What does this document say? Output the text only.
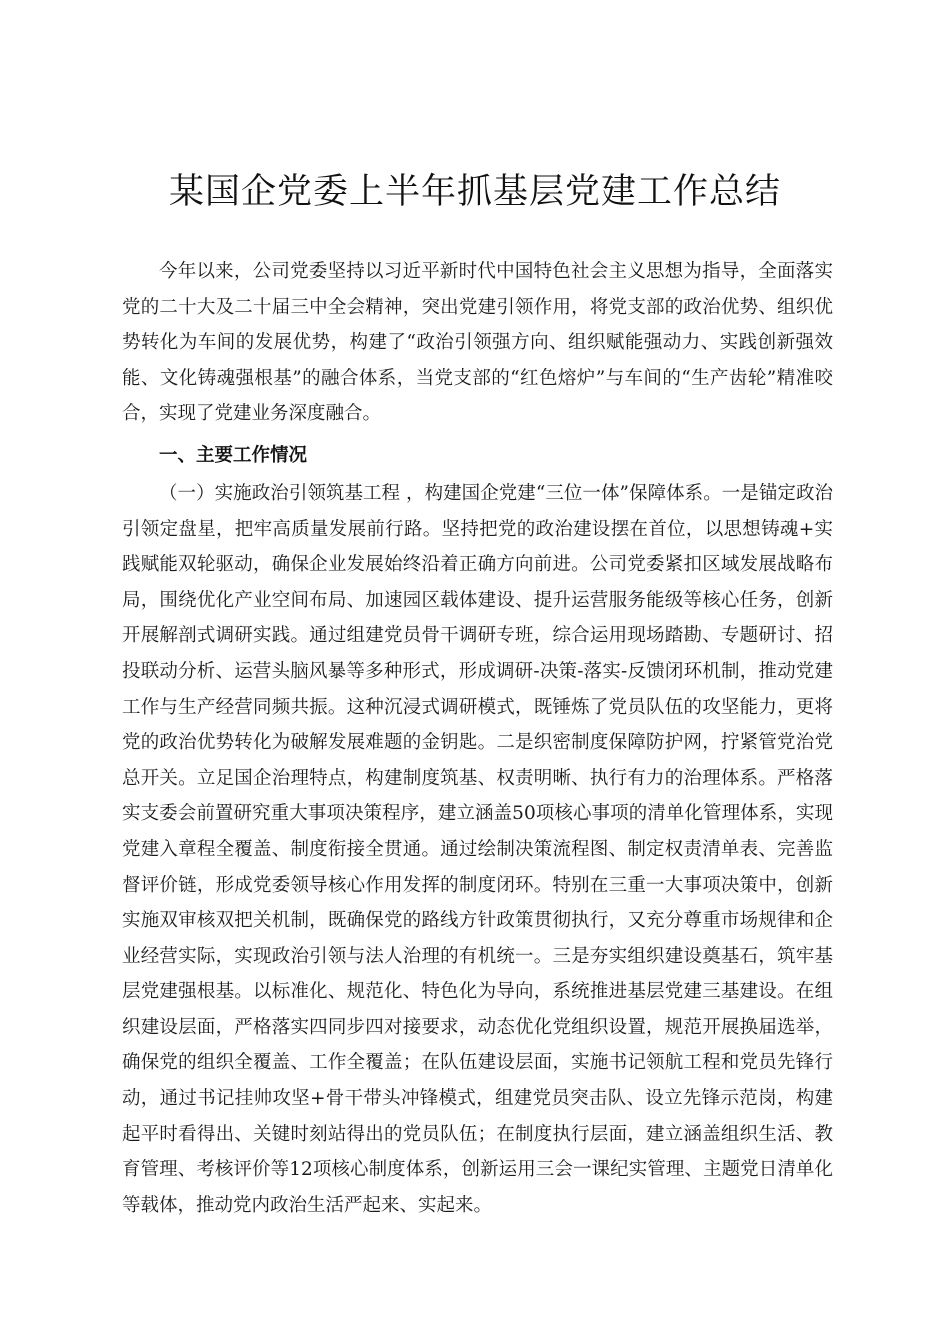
某国企党委上半年抓基层党建工作总结

今年以来，公司党委坚持以习近平新时代中国特色社会主义思想为指导，全面落实党的二十大及二十届三中全会精神，突出党建引领作用，将党支部的政治优势、组织优势转化为车间的发展优势，构建了“政治引领强方向、组织赋能强动力、实践创新强效能、文化铸魂强根基”的融合体系，当党支部的“红色熔炉”与车间的“生产齿轮”精准咬合，实现了党建业务深度融合。

一、主要工作情况

（一）实施政治引领筑基工程 ，构建国企党建“三位一体”保障体系。一是锚定政治引领定盘星，把牢高质量发展前行路。坚持把党的政治建设摆在首位，以思想铸魂+实践赋能双轮驱动，确保企业发展始终沿着正确方向前进。公司党委紧扣区域发展战略布局，围绕优化产业空间布局、加速园区载体建设、提升运营服务能级等核心任务，创新开展解剖式调研实践。通过组建党员骨干调研专班，综合运用现场踏勘、专题研讨、招投联动分析、运营头脑风暴等多种形式，形成调研-决策-落实-反馈闭环机制，推动党建工作与生产经营同频共振。这种沉浸式调研模式，既锤炼了党员队伍的攻坚能力，更将党的政治优势转化为破解发展难题的金钥匙。二是织密制度保障防护网，拧紧管党治党总开关。立足国企治理特点，构建制度筑基、权责明晰、执行有力的治理体系。严格落实支委会前置研究重大事项决策程序，建立涵盖50项核心事项的清单化管理体系，实现党建入章程全覆盖、制度衔接全贯通。通过绘制决策流程图、制定权责清单表、完善监督评价链，形成党委领导核心作用发挥的制度闭环。特别在三重一大事项决策中，创新实施双审核双把关机制，既确保党的路线方针政策贯彻执行，又充分尊重市场规律和企业经营实际，实现政治引领与法人治理的有机统一。三是夯实组织建设奠基石，筑牢基层党建强根基。以标准化、规范化、特色化为导向，系统推进基层党建三基建设。在组织建设层面，严格落实四同步四对接要求，动态优化党组织设置，规范开展换届选举，确保党的组织全覆盖、工作全覆盖；在队伍建设层面，实施书记领航工程和党员先锋行动，通过书记挂帅攻坚+骨干带头冲锋模式，组建党员突击队、设立先锋示范岗，构建起平时看得出、关键时刻站得出的党员队伍；在制度执行层面，建立涵盖组织生活、教育管理、考核评价等12项核心制度体系，创新运用三会一课纪实管理、主题党日清单化等载体，推动党内政治生活严起来、实起来。
